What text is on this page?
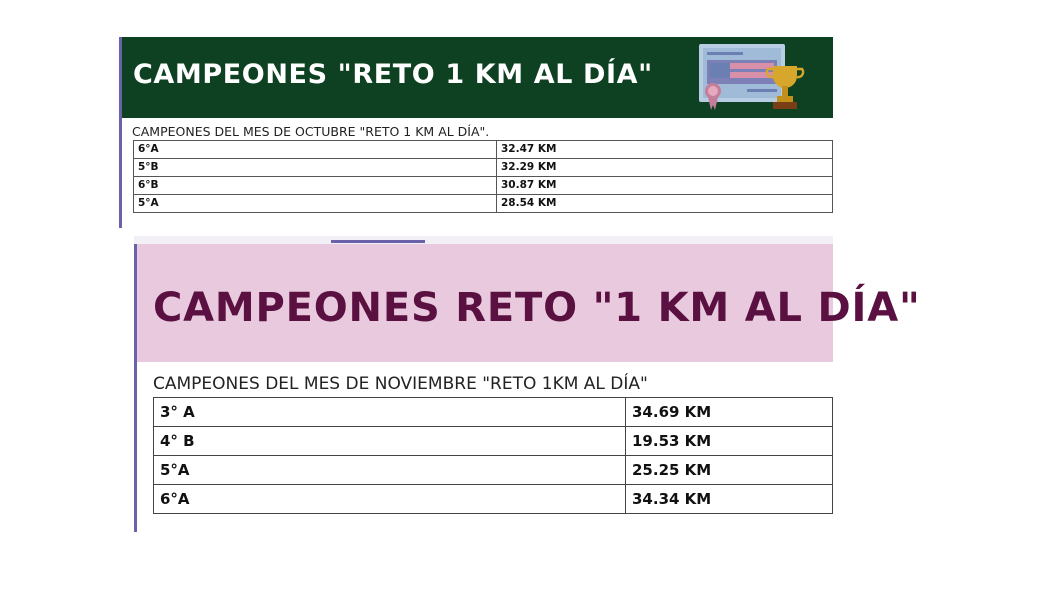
CAMPEONES "RETO 1 KM AL DÍA"
CAMPEONES DEL MES DE OCTUBRE "RETO 1 KM AL DÍA".
6°A	32.47 KM
5°B	32.29 KM
6°B	30.87 KM
5°A	28.54 KM
CAMPEONES RETO "1 KM AL DÍA"
CAMPEONES DEL MES DE NOVIEMBRE "RETO 1KM AL DÍA"
3° A	34.69 KM
4° B	19.53 KM
5°A	25.25 KM
6°A	34.34 KM
